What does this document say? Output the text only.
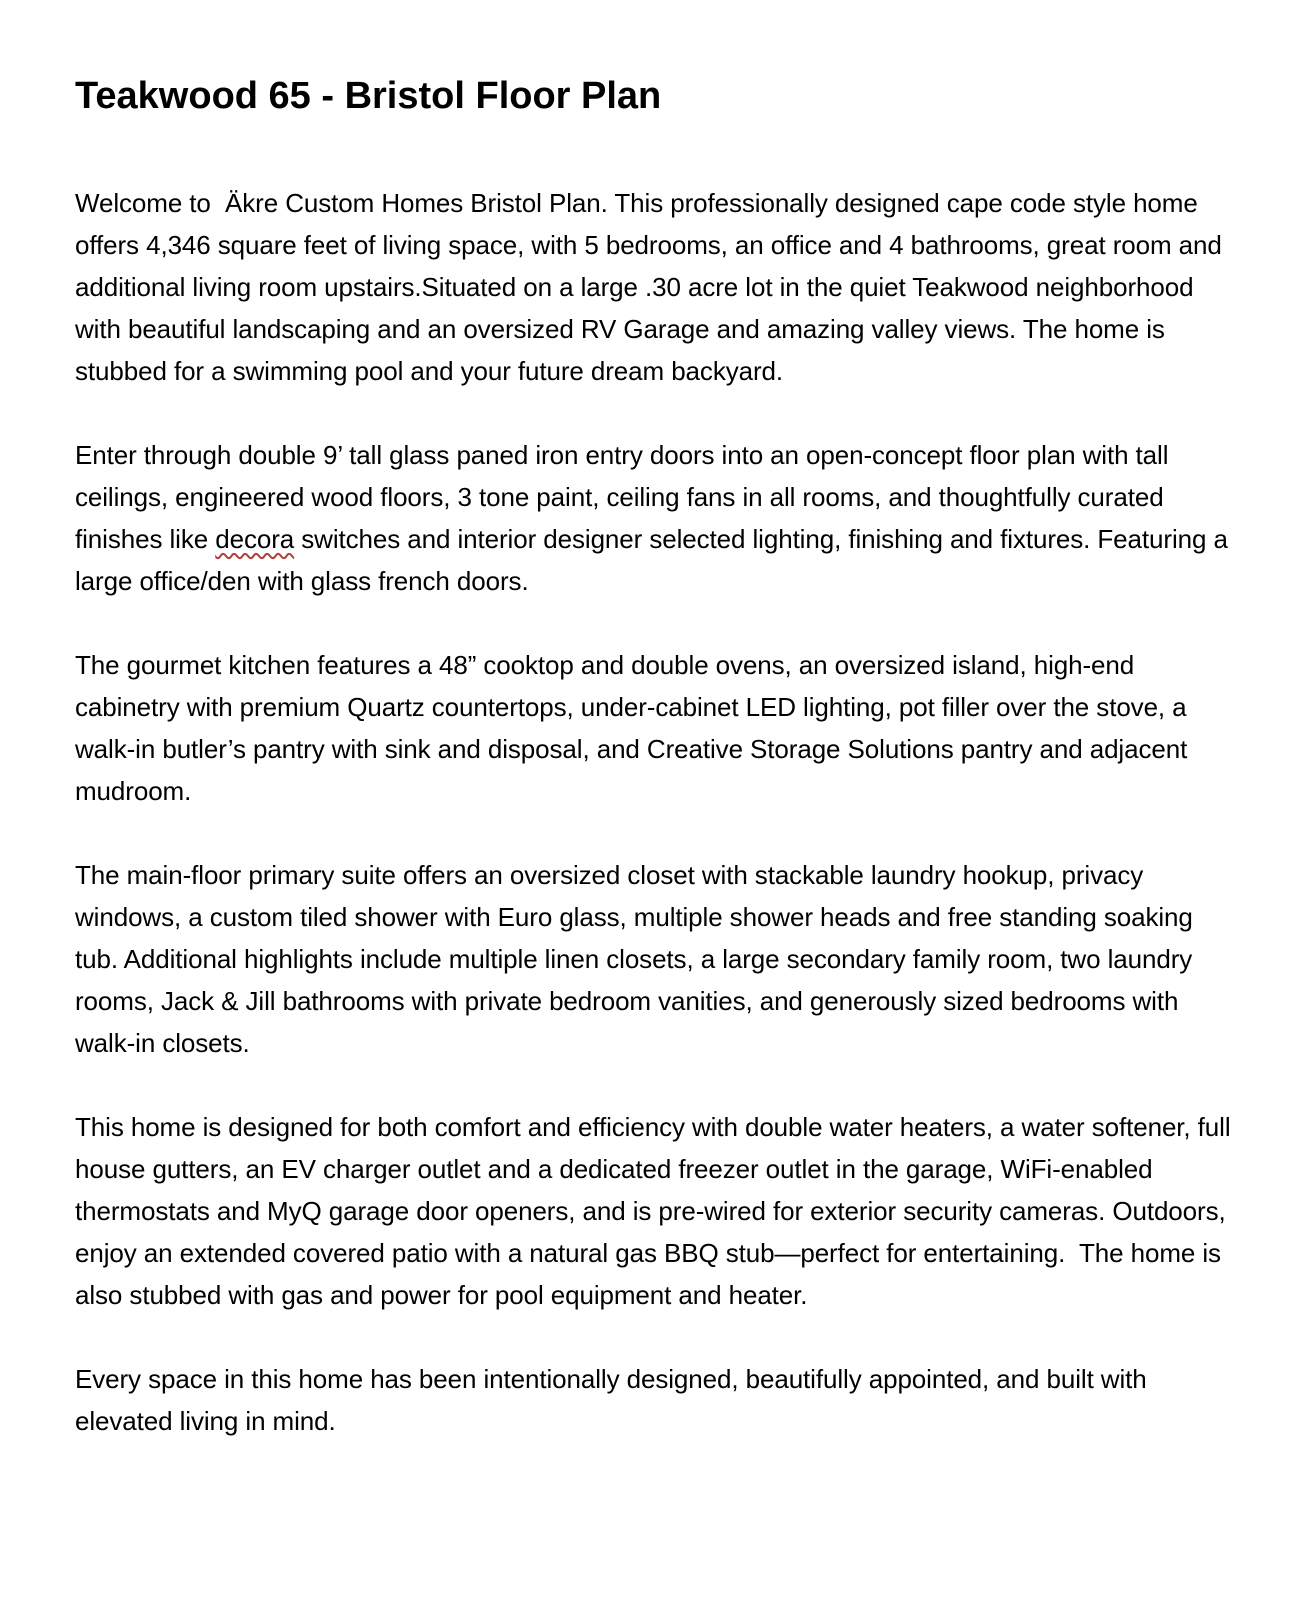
Teakwood 65 - Bristol Floor Plan

Welcome to  Äkre Custom Homes Bristol Plan. This professionally designed cape code style home offers 4,346 square feet of living space, with 5 bedrooms, an office and 4 bathrooms, great room and additional living room upstairs.Situated on a large .30 acre lot in the quiet Teakwood neighborhood with beautiful landscaping and an oversized RV Garage and amazing valley views. The home is stubbed for a swimming pool and your future dream backyard.

Enter through double 9’ tall glass paned iron entry doors into an open-concept floor plan with tall ceilings, engineered wood floors, 3 tone paint, ceiling fans in all rooms, and thoughtfully curated finishes like decora switches and interior designer selected lighting, finishing and fixtures. Featuring a large office/den with glass french doors.

The gourmet kitchen features a 48” cooktop and double ovens, an oversized island, high-end cabinetry with premium Quartz countertops, under-cabinet LED lighting, pot filler over the stove, a walk-in butler’s pantry with sink and disposal, and Creative Storage Solutions pantry and adjacent mudroom.

The main-floor primary suite offers an oversized closet with stackable laundry hookup, privacy windows, a custom tiled shower with Euro glass, multiple shower heads and free standing soaking tub. Additional highlights include multiple linen closets, a large secondary family room, two laundry rooms, Jack & Jill bathrooms with private bedroom vanities, and generously sized bedrooms with walk-in closets.

This home is designed for both comfort and efficiency with double water heaters, a water softener, full house gutters, an EV charger outlet and a dedicated freezer outlet in the garage, WiFi-enabled thermostats and MyQ garage door openers, and is pre-wired for exterior security cameras. Outdoors, enjoy an extended covered patio with a natural gas BBQ stub—perfect for entertaining.  The home is also stubbed with gas and power for pool equipment and heater.

Every space in this home has been intentionally designed, beautifully appointed, and built with elevated living in mind.
